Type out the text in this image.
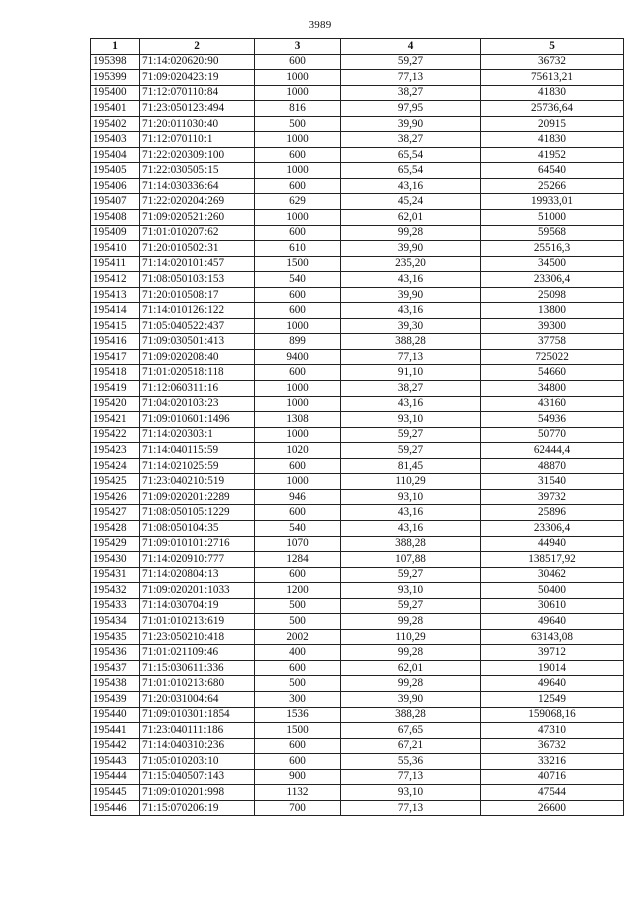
3989
1	2	3	4	5
195398	71:14:020620:90	600	59,27	36732
195399	71:09:020423:19	1000	77,13	75613,21
195400	71:12:070110:84	1000	38,27	41830
195401	71:23:050123:494	816	97,95	25736,64
195402	71:20:011030:40	500	39,90	20915
195403	71:12:070110:1	1000	38,27	41830
195404	71:22:020309:100	600	65,54	41952
195405	71:22:030505:15	1000	65,54	64540
195406	71:14:030336:64	600	43,16	25266
195407	71:22:020204:269	629	45,24	19933,01
195408	71:09:020521:260	1000	62,01	51000
195409	71:01:010207:62	600	99,28	59568
195410	71:20:010502:31	610	39,90	25516,3
195411	71:14:020101:457	1500	235,20	34500
195412	71:08:050103:153	540	43,16	23306,4
195413	71:20:010508:17	600	39,90	25098
195414	71:14:010126:122	600	43,16	13800
195415	71:05:040522:437	1000	39,30	39300
195416	71:09:030501:413	899	388,28	37758
195417	71:09:020208:40	9400	77,13	725022
195418	71:01:020518:118	600	91,10	54660
195419	71:12:060311:16	1000	38,27	34800
195420	71:04:020103:23	1000	43,16	43160
195421	71:09:010601:1496	1308	93,10	54936
195422	71:14:020303:1	1000	59,27	50770
195423	71:14:040115:59	1020	59,27	62444,4
195424	71:14:021025:59	600	81,45	48870
195425	71:23:040210:519	1000	110,29	31540
195426	71:09:020201:2289	946	93,10	39732
195427	71:08:050105:1229	600	43,16	25896
195428	71:08:050104:35	540	43,16	23306,4
195429	71:09:010101:2716	1070	388,28	44940
195430	71:14:020910:777	1284	107,88	138517,92
195431	71:14:020804:13	600	59,27	30462
195432	71:09:020201:1033	1200	93,10	50400
195433	71:14:030704:19	500	59,27	30610
195434	71:01:010213:619	500	99,28	49640
195435	71:23:050210:418	2002	110,29	63143,08
195436	71:01:021109:46	400	99,28	39712
195437	71:15:030611:336	600	62,01	19014
195438	71:01:010213:680	500	99,28	49640
195439	71:20:031004:64	300	39,90	12549
195440	71:09:010301:1854	1536	388,28	159068,16
195441	71:23:040111:186	1500	67,65	47310
195442	71:14:040310:236	600	67,21	36732
195443	71:05:010203:10	600	55,36	33216
195444	71:15:040507:143	900	77,13	40716
195445	71:09:010201:998	1132	93,10	47544
195446	71:15:070206:19	700	77,13	26600
